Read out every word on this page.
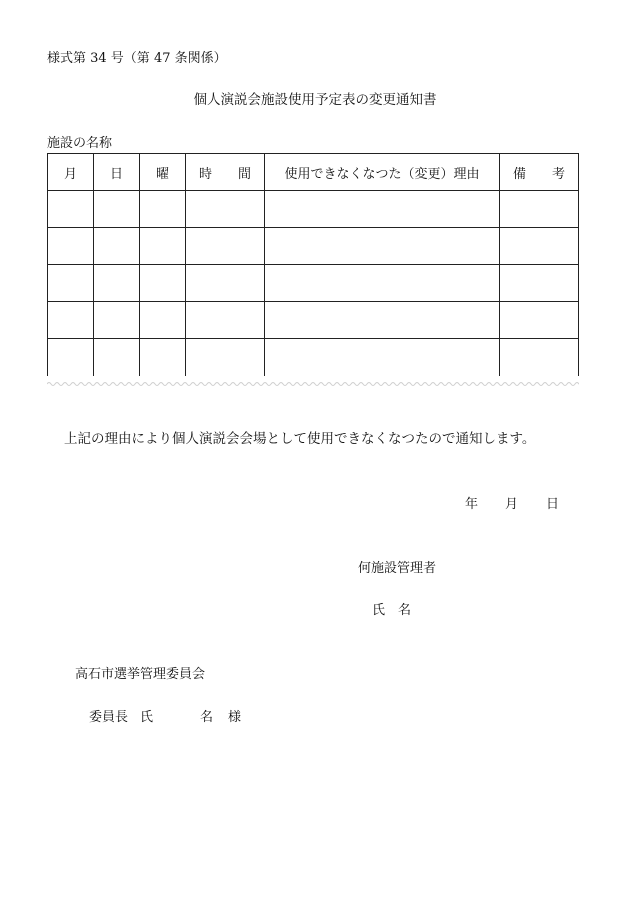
様式第 34 号（第 47 条関係）
個人演説会施設使用予定表の変更通知書
施設の名称
月	日	曜	時　　間	使用できなくなつた（変更）理由	備　　考

上記の理由により個人演説会会場として使用できなくなつたので通知します。
年 月 日
何施設管理者
氏 名
高石市選挙管理委員会
委員長 氏	名 様
